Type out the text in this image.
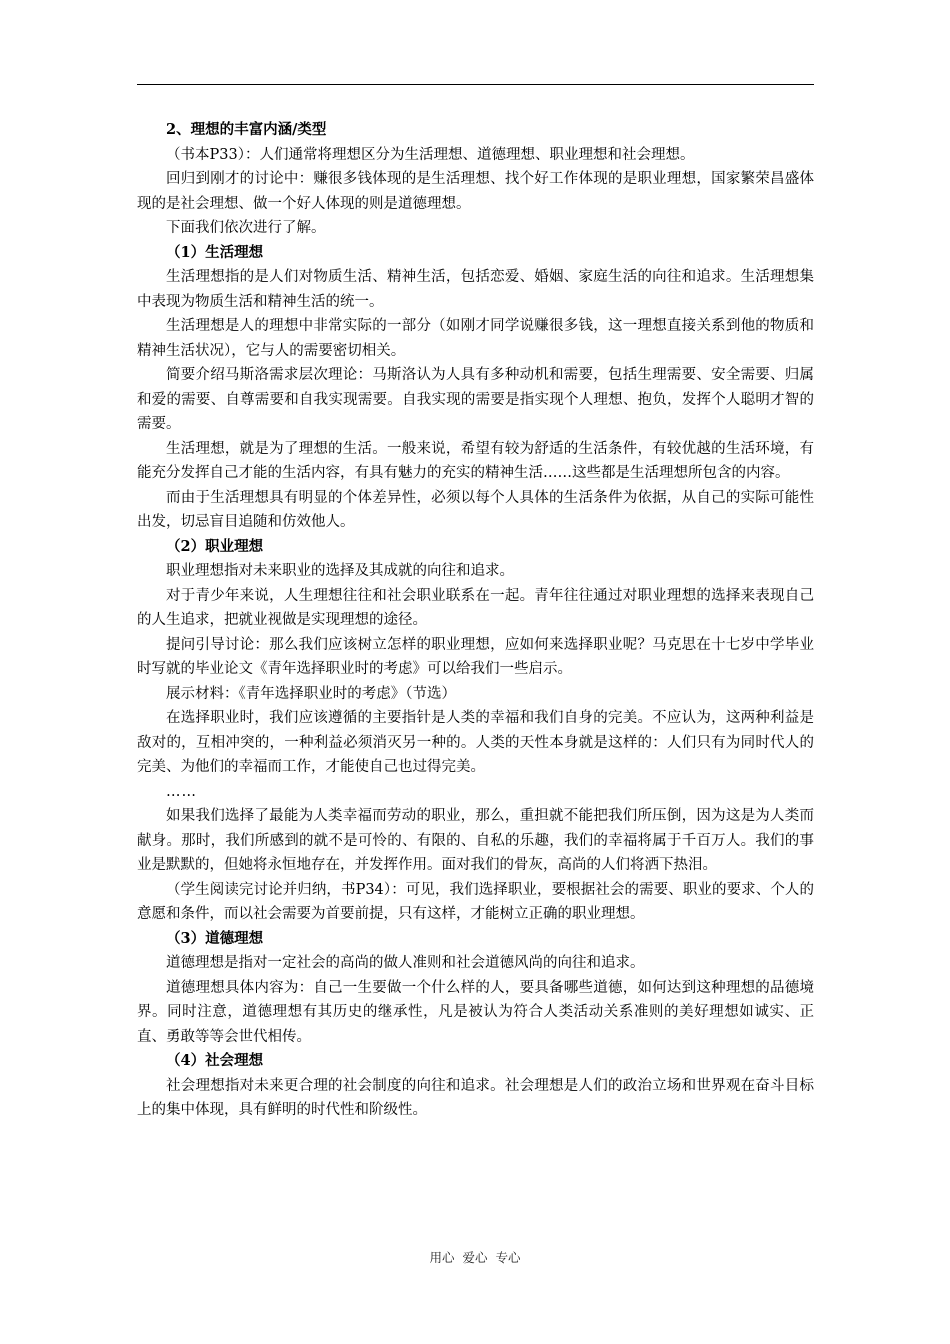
2、理想的丰富内涵/类型

（书本P33）：人们通常将理想区分为生活理想、道德理想、职业理想和社会理想。

回归到刚才的讨论中：赚很多钱体现的是生活理想、找个好工作体现的是职业理想，国家繁荣昌盛体现的是社会理想、做一个好人体现的则是道德理想。

下面我们依次进行了解。

（1）生活理想

生活理想指的是人们对物质生活、精神生活，包括恋爱、婚姻、家庭生活的向往和追求。生活理想集中表现为物质生活和精神生活的统一。

生活理想是人的理想中非常实际的一部分（如刚才同学说赚很多钱，这一理想直接关系到他的物质和精神生活状况），它与人的需要密切相关。

简要介绍马斯洛需求层次理论：马斯洛认为人具有多种动机和需要，包括生理需要、安全需要、归属和爱的需要、自尊需要和自我实现需要。自我实现的需要是指实现个人理想、抱负，发挥个人聪明才智的需要。

生活理想，就是为了理想的生活。一般来说，希望有较为舒适的生活条件，有较优越的生活环境，有能充分发挥自己才能的生活内容，有具有魅力的充实的精神生活……这些都是生活理想所包含的内容。

而由于生活理想具有明显的个体差异性，必须以每个人具体的生活条件为依据，从自己的实际可能性出发，切忌盲目追随和仿效他人。

（2）职业理想

职业理想指对未来职业的选择及其成就的向往和追求。

对于青少年来说，人生理想往往和社会职业联系在一起。青年往往通过对职业理想的选择来表现自己的人生追求，把就业视做是实现理想的途径。

提问引导讨论：那么我们应该树立怎样的职业理想，应如何来选择职业呢？马克思在十七岁中学毕业时写就的毕业论文《青年选择职业时的考虑》可以给我们一些启示。

展示材料：《青年选择职业时的考虑》（节选）

在选择职业时，我们应该遵循的主要指针是人类的幸福和我们自身的完美。不应认为，这两种利益是敌对的，互相冲突的，一种利益必须消灭另一种的。人类的天性本身就是这样的：人们只有为同时代人的完美、为他们的幸福而工作，才能使自己也过得完美。

……

如果我们选择了最能为人类幸福而劳动的职业，那么，重担就不能把我们所压倒，因为这是为人类而献身。那时，我们所感到的就不是可怜的、有限的、自私的乐趣，我们的幸福将属于千百万人。我们的事业是默默的，但她将永恒地存在，并发挥作用。面对我们的骨灰，高尚的人们将洒下热泪。

（学生阅读完讨论并归纳，书P34）：可见，我们选择职业，要根据社会的需要、职业的要求、个人的意愿和条件，而以社会需要为首要前提，只有这样，才能树立正确的职业理想。

（3）道德理想

道德理想是指对一定社会的高尚的做人准则和社会道德风尚的向往和追求。

道德理想具体内容为：自己一生要做一个什么样的人，要具备哪些道德，如何达到这种理想的品德境界。同时注意，道德理想有其历史的继承性，凡是被认为符合人类活动关系准则的美好理想如诚实、正直、勇敢等等会世代相传。

（4）社会理想

社会理想指对未来更合理的社会制度的向往和追求。社会理想是人们的政治立场和世界观在奋斗目标上的集中体现，具有鲜明的时代性和阶级性。

用心 爱心 专心
